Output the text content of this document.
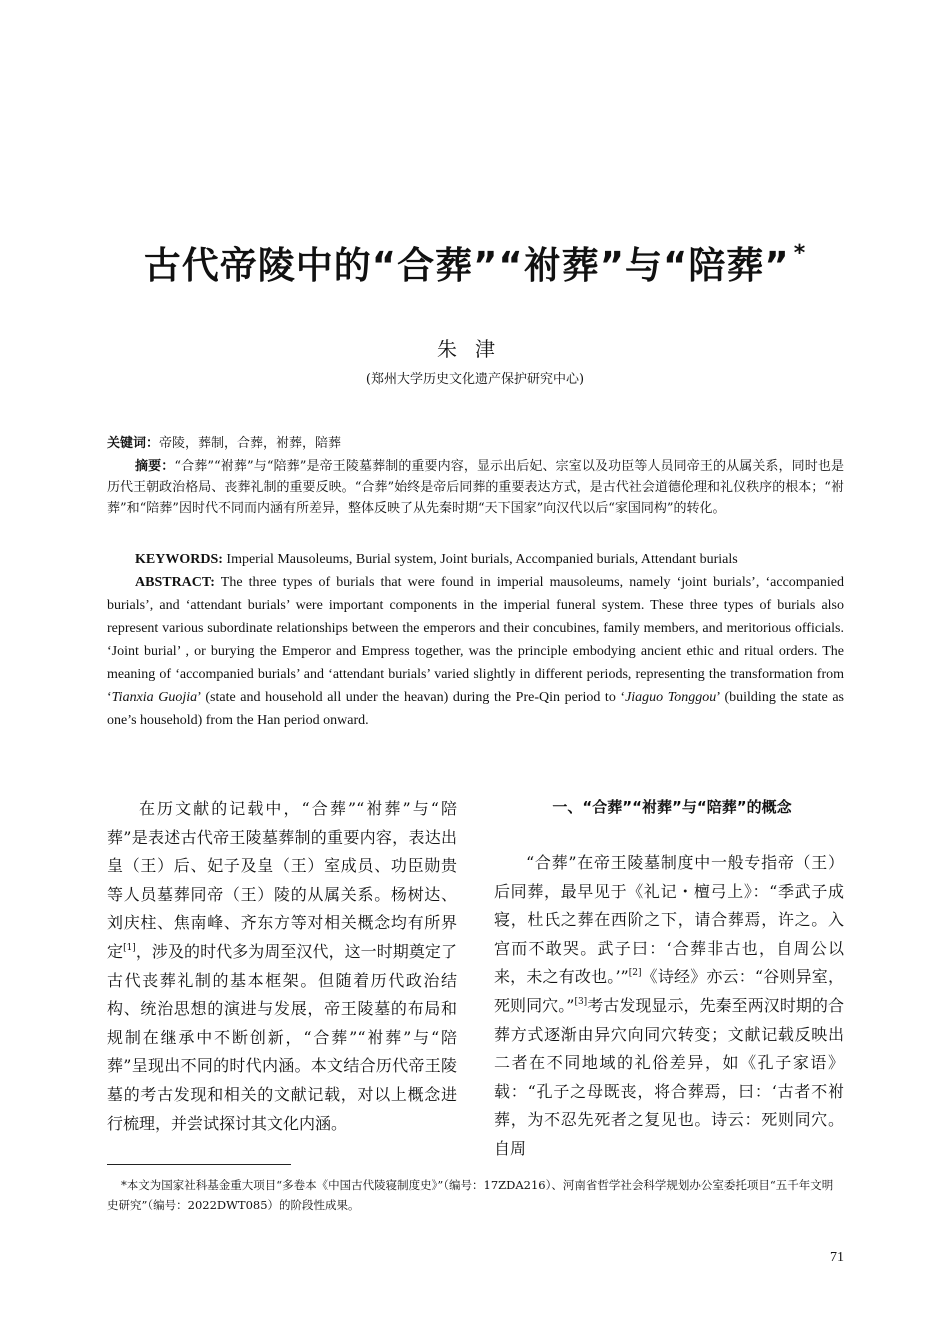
古代帝陵中的“合葬”“祔葬”与“陪葬” *
朱津
(郑州大学历史文化遗产保护研究中心)
关键词：帝陵，葬制，合葬，祔葬，陪葬
摘要：“合葬”“祔葬”与“陪葬”是帝王陵墓葬制的重要内容，显示出后妃、宗室以及功臣等人员同帝王的从属关系，同时也是历代王朝政治格局、丧葬礼制的重要反映。“合葬”始终是帝后同葬的重要表达方式，是古代社会道德伦理和礼仪秩序的根本；“祔葬”和“陪葬”因时代不同而内涵有所差异，整体反映了从先秦时期“天下国家”向汉代以后“家国同构”的转化。
KEYWORDS: Imperial Mausoleums, Burial system, Joint burials, Accompanied burials, Attendant burials
ABSTRACT: The three types of burials that were found in imperial mausoleums, namely ‘joint burials’, ‘accompanied burials’, and ‘attendant burials’ were important components in the imperial funeral system. These three types of burials also represent various subordinate relationships between the emperors and their concubines, family members, and meritorious officials. ‘Joint burial’ , or burying the Emperor and Empress together, was the principle embodying ancient ethic and ritual orders. The meaning of ‘accompanied burials’ and ‘attendant burials’ varied slightly in different periods, representing the transformation from ‘Tianxia Guojia’ (state and household all under the heavan) during the Pre-Qin period to ‘Jiaguo Tonggou’ (building the state as one’s household) from the Han period onward.
在历文献的记载中，“合葬”“祔葬”与“陪葬”是表述古代帝王陵墓葬制的重要内容，表达出皇（王）后、妃子及皇（王）室成员、功臣勋贵等人员墓葬同帝（王）陵的从属关系。杨树达、刘庆柱、焦南峰、齐东方等对相关概念均有所界定[1]，涉及的时代多为周至汉代，这一时期奠定了古代丧葬礼制的基本框架。但随着历代政治结构、统治思想的演进与发展，帝王陵墓的布局和规制在继承中不断创新，“合葬”“祔葬”与“陪葬”呈现出不同的时代内涵。本文结合历代帝王陵墓的考古发现和相关的文献记载，对以上概念进行梳理，并尝试探讨其文化内涵。
一、“合葬”“祔葬”与“陪葬”的概念
“合葬”在帝王陵墓制度中一般专指帝（王）后同葬，最早见于《礼记・檀弓上》：“季武子成寝，杜氏之葬在西阶之下，请合葬焉，许之。入宫而不敢哭。武子曰：‘合葬非古也，自周公以来，未之有改也。’”[2]《诗经》亦云：“谷则异室，死则同穴。”[3]考古发现显示，先秦至两汉时期的合葬方式逐渐由异穴向同穴转变；文献记载反映出二者在不同地域的礼俗差异，如《孔子家语》载：“孔子之母既丧，将合葬焉，曰：‘古者不祔葬，为不忍先死者之复见也。诗云：死则同穴。自周
*本文为国家社科基金重大项目“多卷本《中国古代陵寝制度史》”（编号：17ZDA216）、河南省哲学社会科学规划办公室委托项目“五千年文明史研究”（编号：2022DWT085）的阶段性成果。
71
